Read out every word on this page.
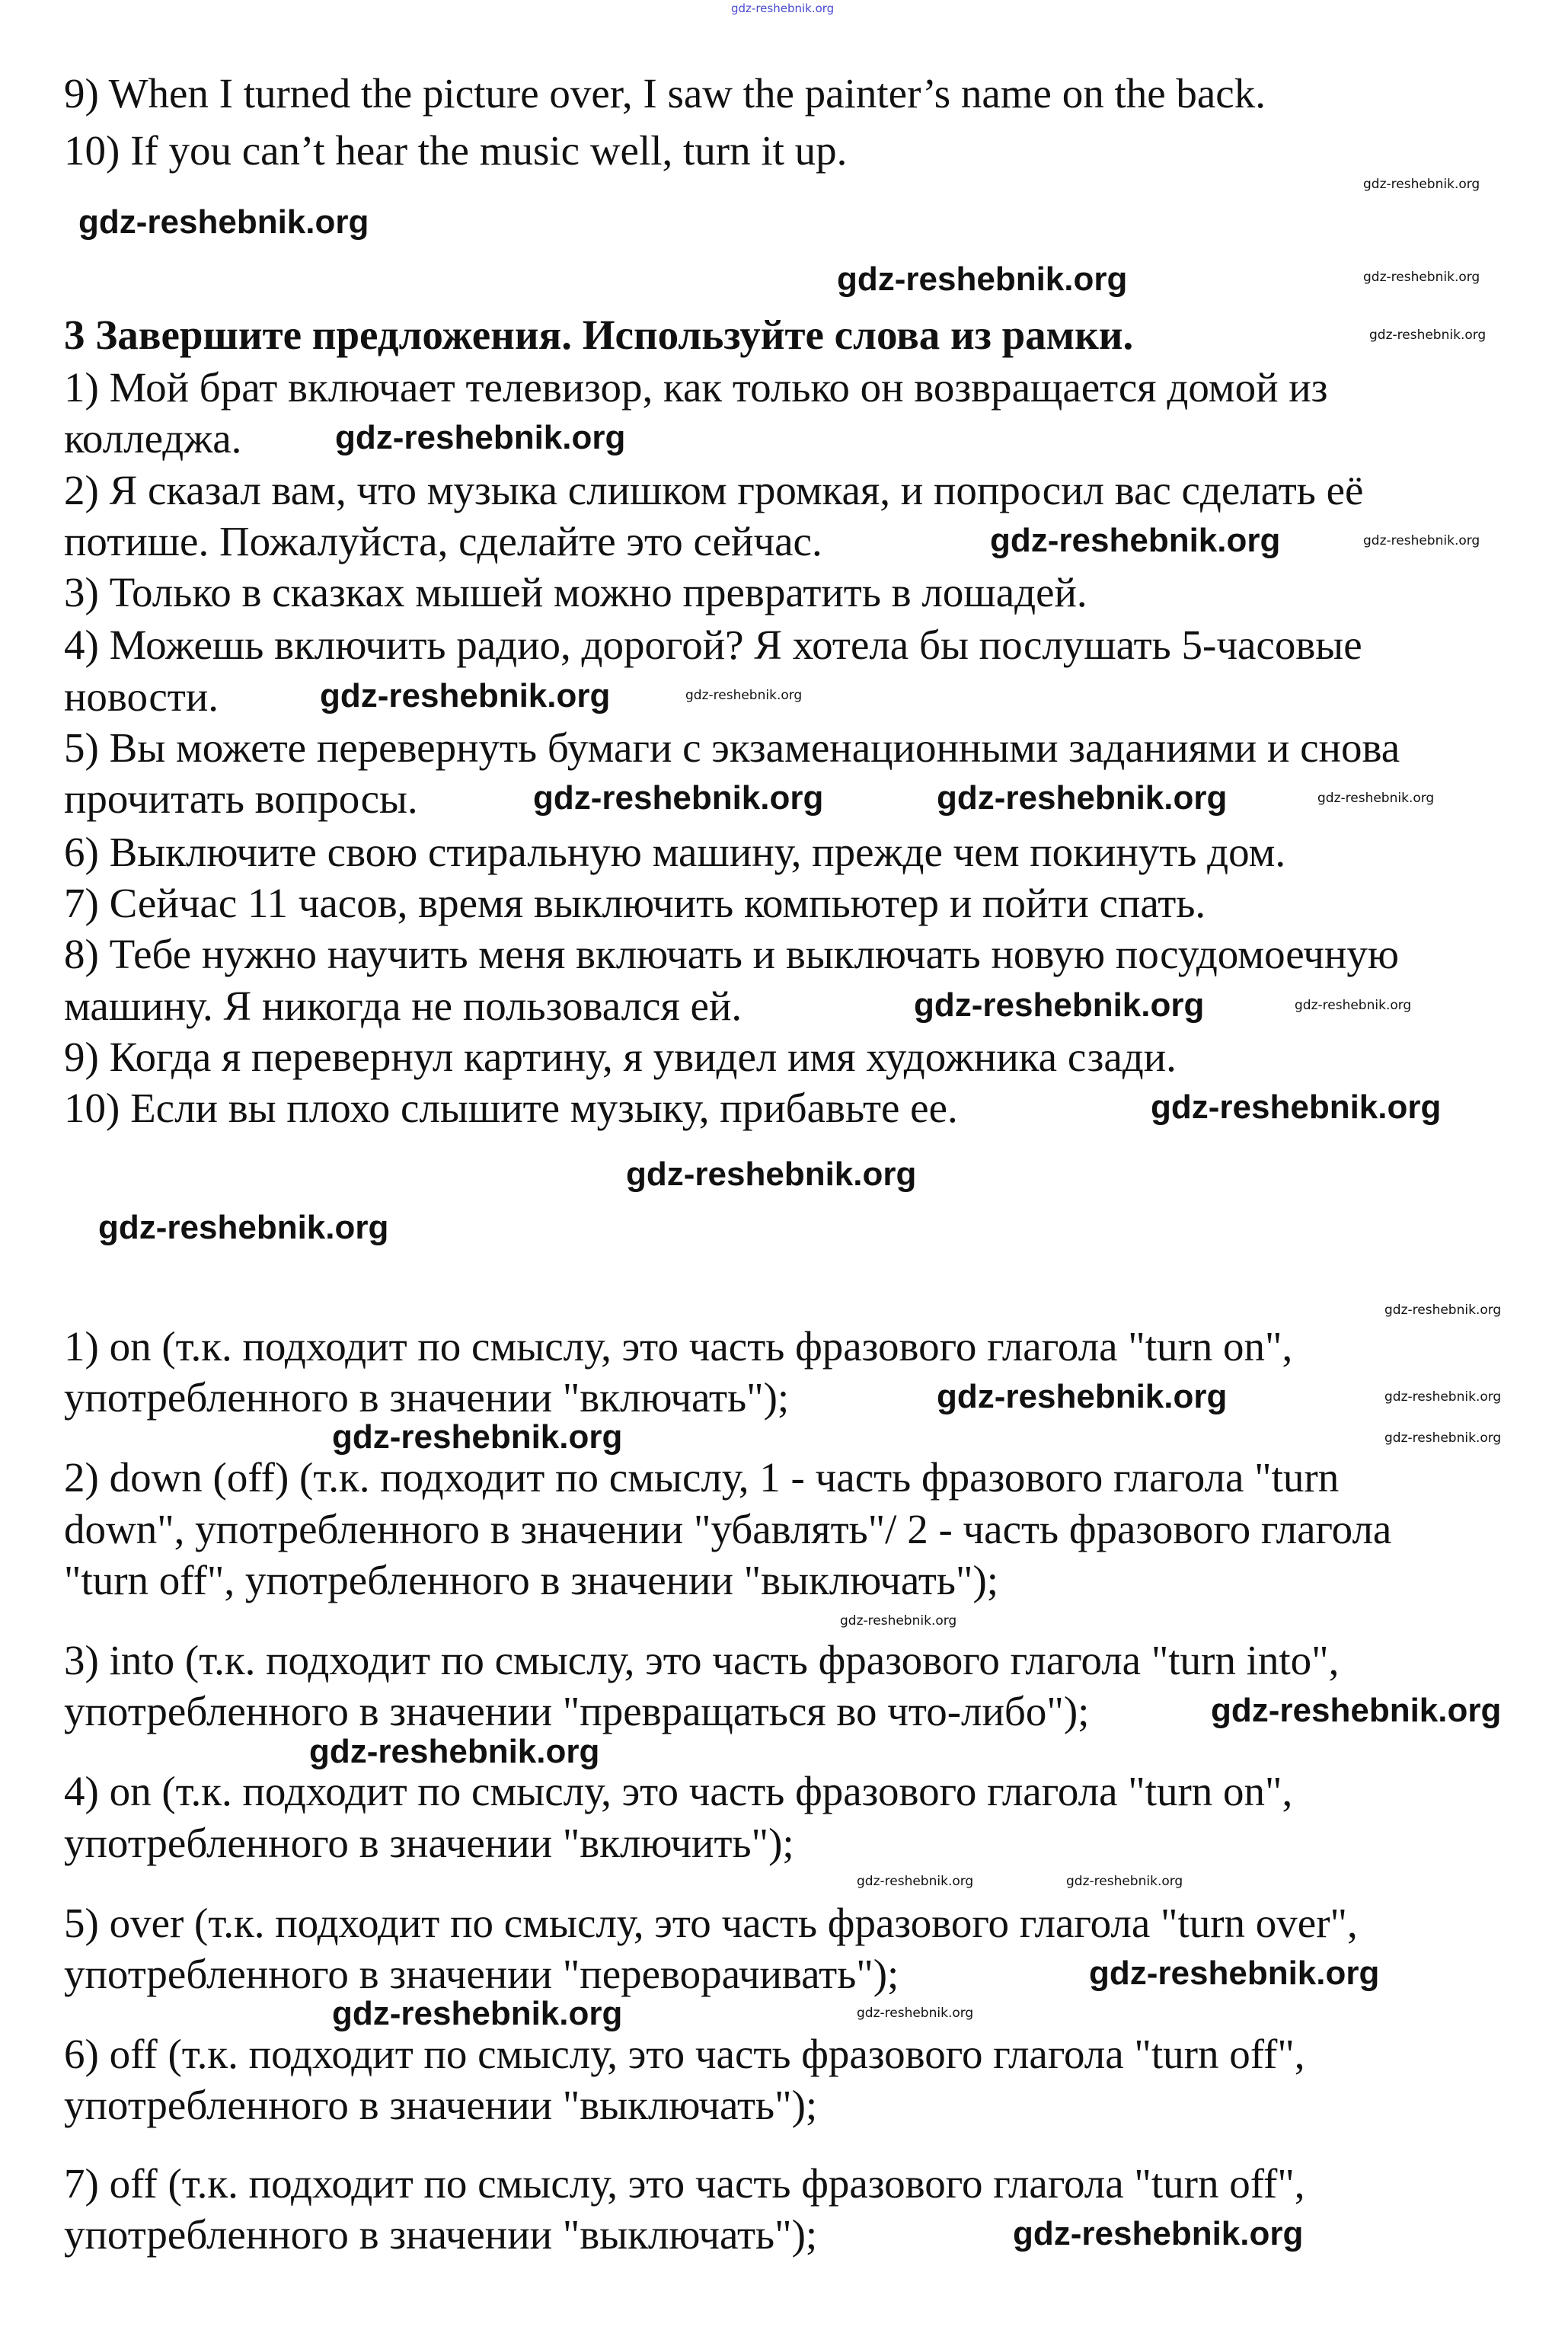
gdz-reshebnik.org
9) When I turned the picture over, I saw the painter’s name on the back.
10) If you can’t hear the music well, turn it up.
3 Завершите предложения. Используйте слова из рамки.
1) Мой брат включает телевизор, как только он возвращается домой из
колледжа.
2) Я сказал вам, что музыка слишком громкая, и попросил вас сделать её
потише. Пожалуйста, сделайте это сейчас.
3) Только в сказках мышей можно превратить в лошадей.
4) Можешь включить радио, дорогой? Я хотела бы послушать 5-часовые
новости.
5) Вы можете перевернуть бумаги с экзаменационными заданиями и снова
прочитать вопросы.
6) Выключите свою стиральную машину, прежде чем покинуть дом.
7) Сейчас 11 часов, время выключить компьютер и пойти спать.
8) Тебе нужно научить меня включать и выключать новую посудомоечную
машину. Я никогда не пользовался ей.
9) Когда я перевернул картину, я увидел имя художника сзади.
10) Если вы плохо слышите музыку, прибавьте ее.
1) on (т.к. подходит по смыслу, это часть фразового глагола "turn on",
употребленного в значении "включать");
2) down (off) (т.к. подходит по смыслу, 1 - часть фразового глагола "turn
down", употребленного в значении "убавлять"/ 2 - часть фразового глагола
"turn off", употребленного в значении "выключать");
3) into (т.к. подходит по смыслу, это часть фразового глагола "turn into",
употребленного в значении "превращаться во что-либо");
4) on (т.к. подходит по смыслу, это часть фразового глагола "turn on",
употребленного в значении "включить");
5) over (т.к. подходит по смыслу, это часть фразового глагола "turn over",
употребленного в значении "переворачивать");
6) off (т.к. подходит по смыслу, это часть фразового глагола "turn off",
употребленного в значении "выключать");
7) off (т.к. подходит по смыслу, это часть фразового глагола "turn off",
употребленного в значении "выключать");
gdz-reshebnik.org
gdz-reshebnik.org
gdz-reshebnik.org
gdz-reshebnik.org
gdz-reshebnik.org
gdz-reshebnik.org	gdz-reshebnik.org
gdz-reshebnik.org
gdz-reshebnik.org
gdz-reshebnik.org
gdz-reshebnik.org
gdz-reshebnik.org
gdz-reshebnik.org
gdz-reshebnik.org
gdz-reshebnik.org
gdz-reshebnik.org
gdz-reshebnik.org
gdz-reshebnik.org
gdz-reshebnik.org
gdz-reshebnik.org
gdz-reshebnik.org
gdz-reshebnik.org
gdz-reshebnik.org
gdz-reshebnik.org
gdz-reshebnik.org
gdz-reshebnik.org
gdz-reshebnik.org
gdz-reshebnik.org
gdz-reshebnik.org
gdz-reshebnik.org
gdz-reshebnik.org
gdz-reshebnik.org
